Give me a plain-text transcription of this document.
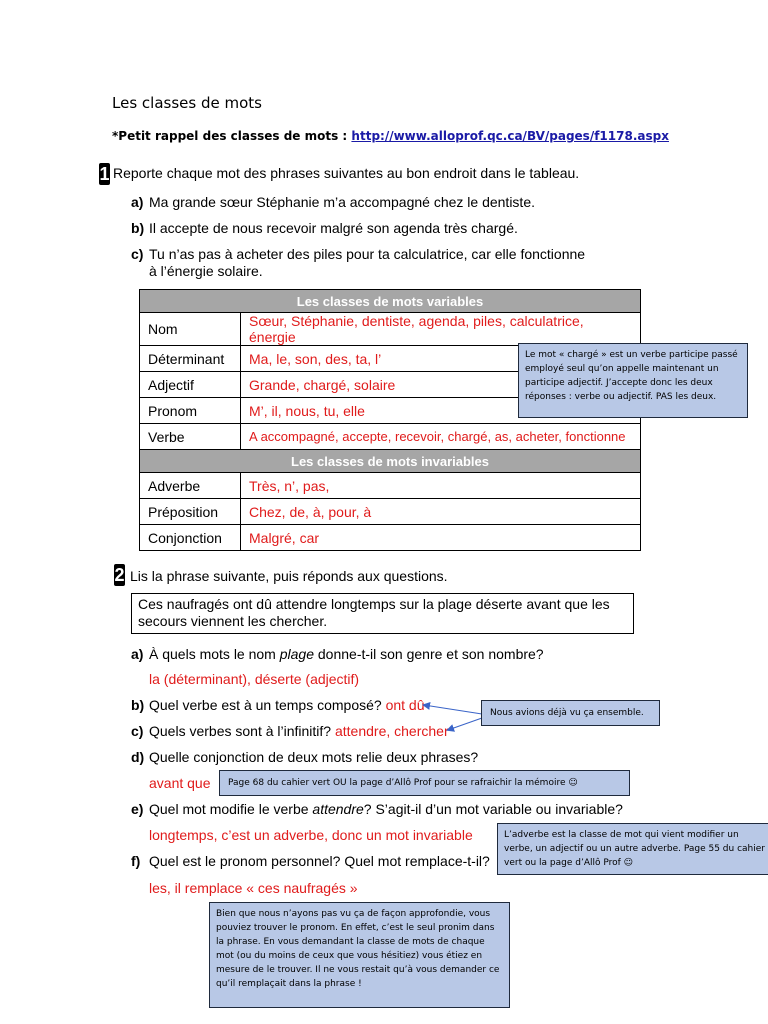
Les classes de mots
*Petit rappel des classes de mots : http://www.alloprof.qc.ca/BV/pages/f1178.aspx
1 Reporte chaque mot des phrases suivantes au bon endroit dans le tableau.
a) Ma grande sœur Stéphanie m’a accompagné chez le dentiste.
b) Il accepte de nous recevoir malgré son agenda très chargé.
c) Tu n’as pas à acheter des piles pour ta calculatrice, car elle fonctionne
à l’énergie solaire.
Les classes de mots variables	
Nom	Sœur, Stéphanie, dentiste, agenda, piles, calculatrice, énergie
Déterminant	Ma, le, son, des, ta, l’
Adjectif	Grande, chargé, solaire
Pronom	M’, il, nous, tu, elle
Verbe	A accompagné, accepte, recevoir, chargé, as, acheter, fonctionne
Les classes de mots invariables	
Adverbe	Très, n’, pas,
Préposition	Chez, de, à, pour, à
Conjonction	Malgré, car
Le mot « chargé » est un verbe participe passé employé seul qu’on appelle maintenant un participe adjectif. J’accepte donc les deux réponses : verbe ou adjectif. PAS les deux.
2 Lis la phrase suivante, puis réponds aux questions.
Ces naufragés ont dû attendre longtemps sur la plage déserte avant que les secours viennent les chercher.
a) À quels mots le nom plage donne-t-il son genre et son nombre?
la (déterminant), déserte (adjectif)
b) Quel verbe est à un temps composé? ont dû
c) Quels verbes sont à l’infinitif? attendre, chercher
Nous avions déjà vu ça ensemble.
d) Quelle conjonction de deux mots relie deux phrases?
avant que	Page 68 du cahier vert OU la page d’Allô Prof pour se rafraichir la mémoire ☺
e) Quel mot modifie le verbe attendre? S’agit-il d’un mot variable ou invariable?
longtemps, c’est un adverbe, donc un mot invariable	L’adverbe est la classe de mot qui vient modifier un verbe, un adjectif ou un autre adverbe. Page 55 du cahier vert ou la page d’Allô Prof ☺
f) Quel est le pronom personnel? Quel mot remplace-t-il?
les, il remplace « ces naufragés »
Bien que nous n’ayons pas vu ça de façon approfondie, vous pouviez trouver le pronom. En effet, c’est le seul pronim dans la phrase. En vous demandant la classe de mots de chaque mot (ou du moins de ceux que vous hésitiez) vous étiez en mesure de le trouver. Il ne vous restait qu’à vous demander ce qu’il remplaçait dans la phrase !
